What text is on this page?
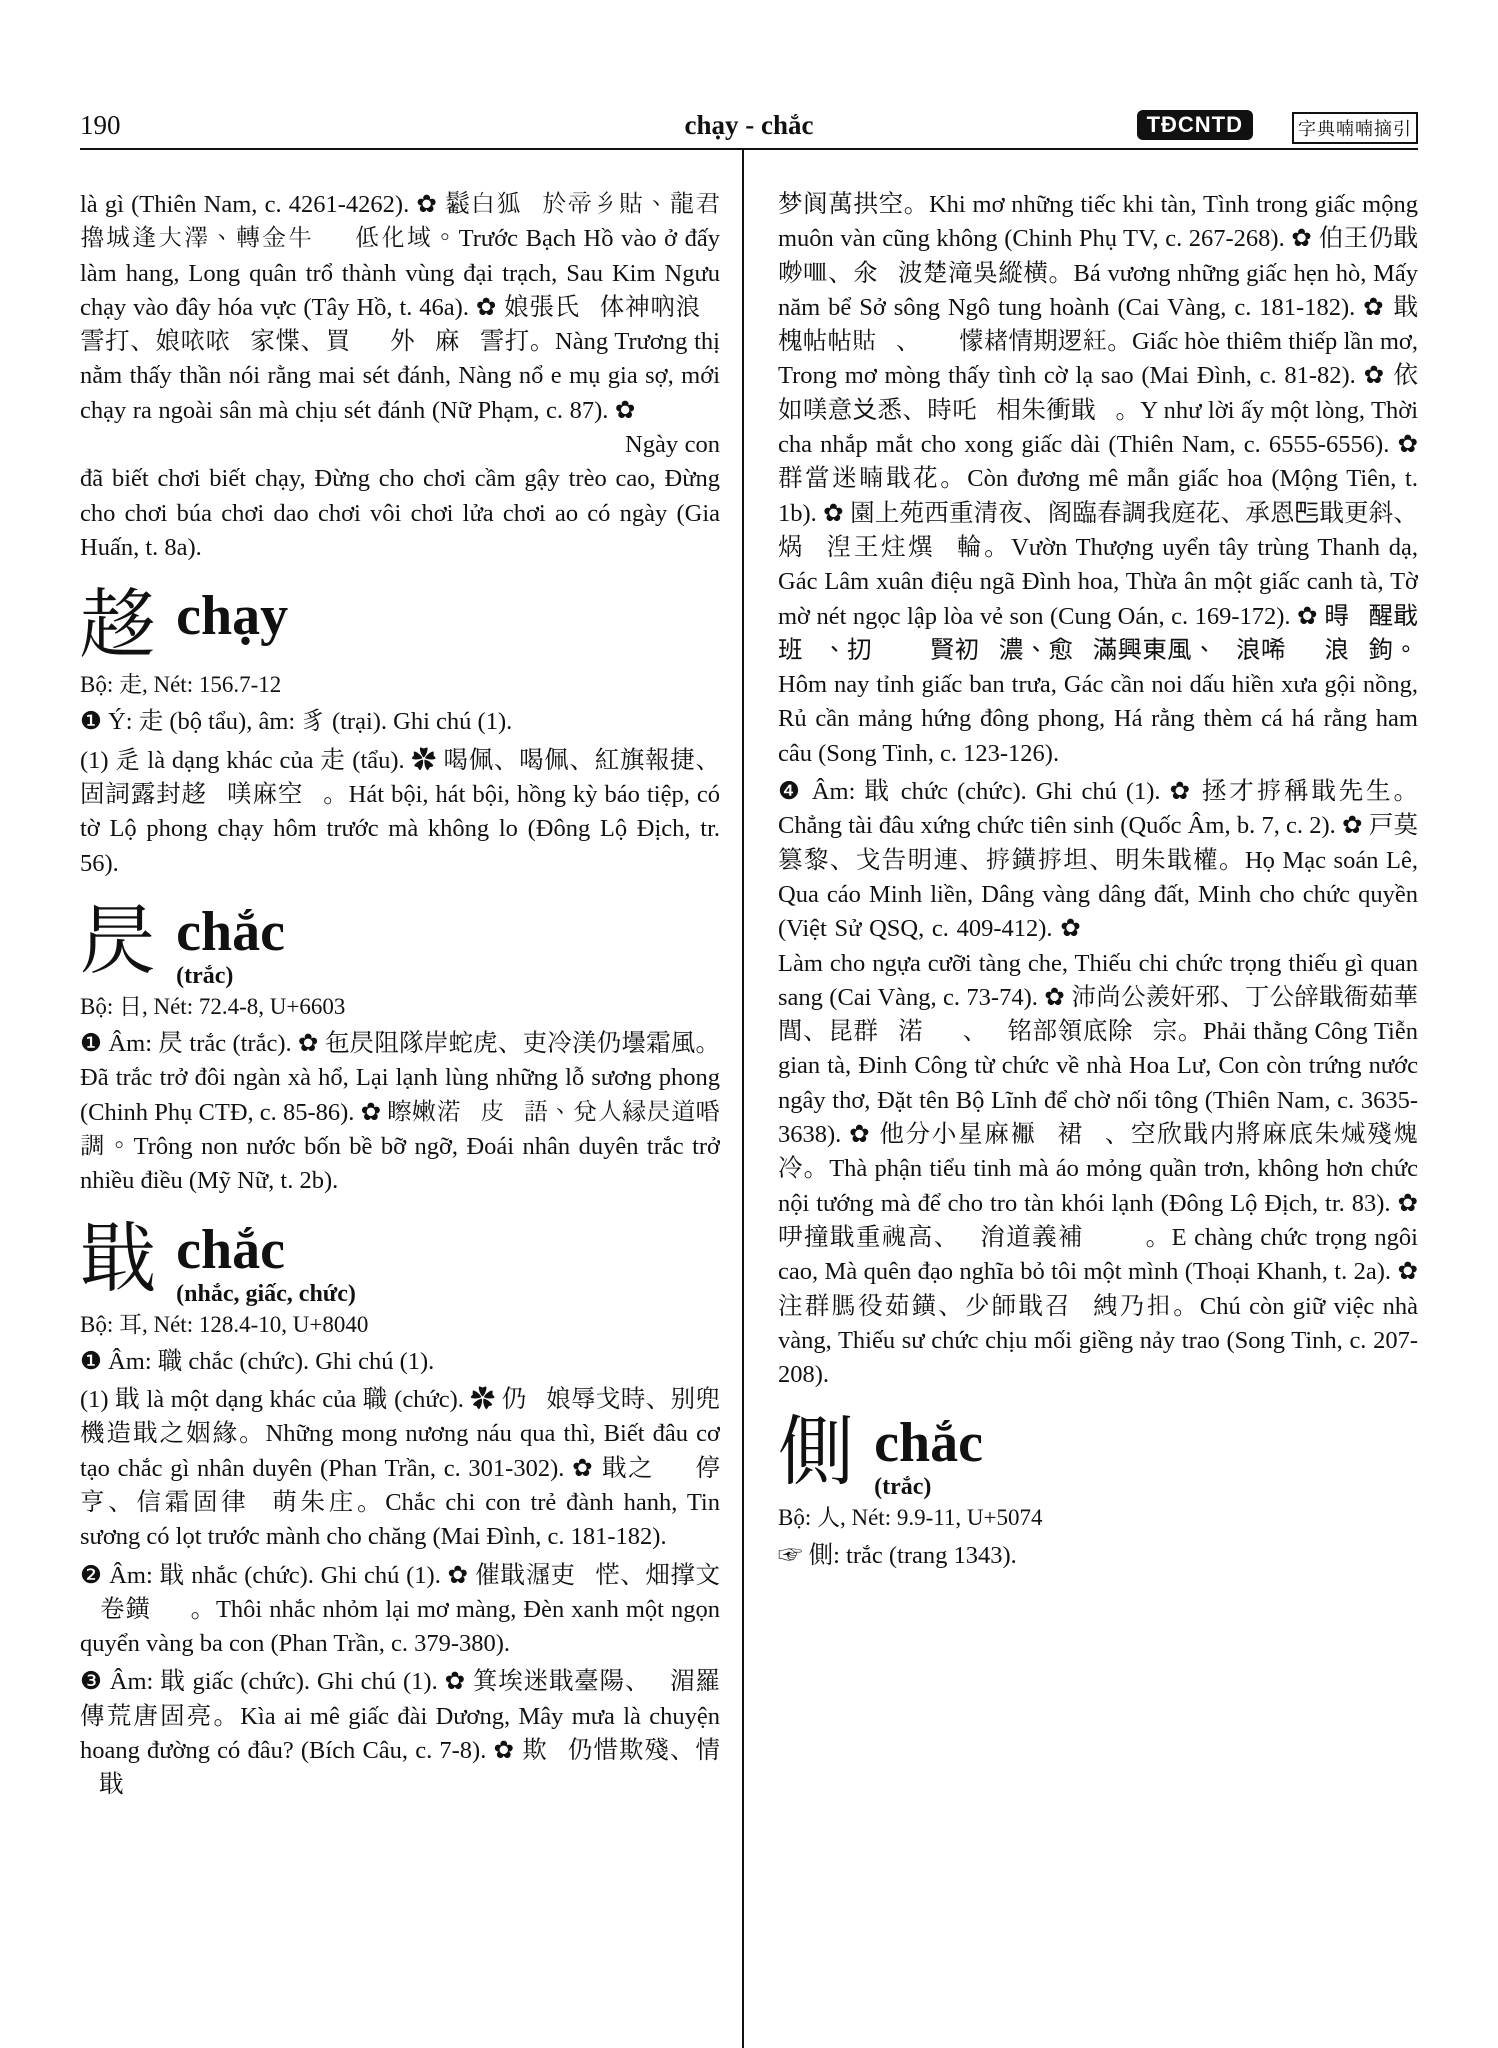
190	chạy - chắc	TĐCNTD	字典喃喃摘引

là gì (Thiên Nam, c. 4261-4262). ✿ 𩯰白狐𠖈於帝乡𧵑、龍君擼城逢大澤、轉金牛𨀈𠖈低化域。Trước Bạch Hồ vào ở đấy làm hang, Long quân trổ thành vùng đại trạch, Sau Kim Ngưu chạy vào đây hóa vực (Tây Hồ, t. 46a). ✿ 娘張氏𦝄体神吶浪𣈕霅打、娘𠲖𠲖𡛔家惵、買𨀈𠱖外𡑝麻𠺒霅打。Nàng Trương thị nằm thấy thần nói rằng mai sét đánh, Nàng nổ e mụ gia sợ, mới chạy ra ngoài sân mà chịu sét đánh (Nữ Phạm, c. 87). ✿ 𤄯𥚇𦊚别𨔈别𨀈、停朱𨔈擒棍𨆢高、停朱𨔈𨦁𨔈刀、𨔈𥕄𨔈𤎎𨔈𨫊固𤄯。Ngày con đã biết chơi biết chạy, Đừng cho chơi cầm gậy trèo cao, Đừng cho chơi búa chơi dao chơi vôi chơi lửa chơi ao có ngày (Gia Huấn, t. 8a).

趍 chạy

Bộ: 走, Nét: 156.7-12

❶ Ý: 走 (bộ tẩu), âm: 豸 (trại). Ghi chú (1).

(1) 辵 là dạng khác của 走 (tẩu). ✿ 喝佩、喝佩、紅旗報捷、固詞露封趍𣈕𠸍麻空𢥈。Hát bội, hát bội, hồng kỳ báo tiệp, có tờ Lộ phong chạy hôm trước mà không lo (Đông Lộ Địch, tr. 56).

昃 chắc
(trắc)

Bộ: 日, Nét: 72.4-8, U+6603

❶ Âm: 昃 trắc (trắc). ✿ 㐌昃阻隊岸蛇虎、吏冷渼仍壜霜風。Đã trắc trở đôi ngàn xà hổ, Lại lạnh lùng những lỗ sương phong (Chinh Phụ CTĐ, c. 85-86). ✿ 𥌀嫩渃𡽫皮𢀨語、兑人縁昃道㖧調。Trông non nước bốn bề bỡ ngỡ, Đoái nhân duyên trắc trở nhiều điều (Mỹ Nữ, t. 2b).

戢 chắc
(nhắc, giấc, chức)

Bộ: 耳, Nét: 128.4-10, U+8040

❶ Âm: 職 chắc (chức). Ghi chú (1).

(1) 戢 là một dạng khác của 職 (chức). ✿ 仍𥉫娘辱戈時、别兜機造戢之姻緣。Những mong nương náu qua thì, Biết đâu cơ tạo chắc gì nhân duyên (Phan Trần, c. 301-302). ✿ 戢之𥚇𩡋停亨、信霜固律𩯰萌朱庄。Chắc chi con trẻ đành hanh, Tin sương có lọt trước mành cho chăng (Mai Đình, c. 181-182).

❷ Âm: 戢 nhắc (chức). Ghi chú (1). ✿ 催戢𣽶吏𢜝恾、畑撑文𦹵卷鐄𠀧𥚇。Thôi nhắc nhỏm lại mơ màng, Đèn xanh một ngọn quyển vàng ba con (Phan Trần, c. 379-380).

❸ Âm: 戢 giấc (chức). Ghi chú (1). ✿ 箕埃迷戢臺陽、𠖈湄羅傳荒唐固亮。Kìa ai mê giấc đài Dương, Mây mưa là chuyện hoang đường có đâu? (Bích Câu, c. 7-8). ✿ 欺𥋳仍惜欺殘、情𢲫戢

梦阆萬拱空。Khi mơ những tiếc khi tàn, Tình trong giấc mộng muôn vàn cũng không (Chinh Phụ TV, c. 267-268). ✿ 伯王仍戢𠴕𠰘、氽𪶍波楚滝吳縱横。Bá vương những giấc hẹn hò, Mấy năm bể Sở sông Ngô tung hoành (Cai Vàng, c. 181-182). ✿ 戢槐帖帖𧵑𢜝、𢬣𢜝懞𣗓情期逻𥿁。Giấc hòe thiêm thiếp lần mơ, Trong mơ mòng thấy tình cờ lạ sao (Mai Đình, c. 81-82). ✿ 依如𠸍意𠬠悉、時吒𠯹相朱衝戢𨱽。Y như lời ấy một lòng, Thời cha nhắp mắt cho xong giấc dài (Thiên Nam, c. 6555-6556). ✿ 群當迷𥈶戢花。Còn đương mê mẫn giấc hoa (Mộng Tiên, t. 1b). ✿ 園上苑西重清夜、阁臨春調我庭花、承恩𠀧戢更斜、㶽𢜝湼王炷熼𢬗輪。Vườn Thượng uyển tây trùng Thanh dạ, Gác Lâm xuân điệu ngã Đình hoa, Thừa ân một giấc canh tà, Tờ mờ nét ngọc lập lòa vẻ son (Cung Oán, c. 169-172). ✿ 𣈜𠛌醒戢班𣈖、㧅𦹵𨆢𨅹賢初𠱋濃、愈𦹵滿興東風、𠰘浪唏𩵜𠰘浪𡂒鉤。Hôm nay tỉnh giấc ban trưa, Gác cần noi dấu hiền xưa gội nồng, Rủ cần mảng hứng đông phong, Há rằng thèm cá há rằng ham câu (Song Tinh, c. 123-126).

❹ Âm: 戢 chức (chức). Ghi chú (1). ✿ 拯才𢭸稱戢先生。Chẳng tài đâu xứng chức tiên sinh (Quốc Âm, b. 7, c. 2). ✿ 戸莫篡黎、戈告明連、𢭸鐄𢭸坦、明朱戢權。Họ Mạc soán Lê, Qua cáo Minh liền, Dâng vàng dâng đất, Minh cho chức quyền (Việt Sử QSQ, c. 409-412). ✿ 𡗉朱馭𧍋藏嘜、少之戢重少之官𦇒。Làm cho ngựa cưỡi tàng che, Thiếu chi chức trọng thiếu gì quan sang (Cai Vàng, c. 73-74). ✿ 沛尚公羨奸邪、丁公辝戢衙茹華閭、昆群𠼯渃𤺳𤹾、𡀯铭部領底除𦀊宗。Phải thằng Công Tiễn gian tà, Đinh Công từ chức về nhà Hoa Lư, Con còn trứng nước ngây thơ, Đặt tên Bộ Lĩnh để chờ nối tông (Thiên Nam, c. 3635-3638). ✿ 他分小星麻𧞣𠯦裙𠹾、空欣戢内將麻底朱𤈪殘𤌋冷。Thà phận tiểu tinh mà áo mỏng quần trơn, không hơn chức nội tướng mà để cho tro tàn khói lạnh (Đông Lộ Địch, tr. 83). ✿ 吚撞戢重𩲡高、𢜝㳙道義補𥘀𠬠𨉟。E chàng chức trọng ngôi cao, Mà quên đạo nghĩa bỏ tôi một mình (Thoại Khanh, t. 2a). ✿ 注群𦟐役茹鐄、少師戢召𦀊絏乃𢪏。Chú còn giữ việc nhà vàng, Thiếu sư chức chịu mối giềng nảy trao (Song Tinh, c. 207-208).

側 chắc
(trắc)

Bộ: 人, Nét: 9.9-11, U+5074

☞ 側: trắc (trang 1343).
